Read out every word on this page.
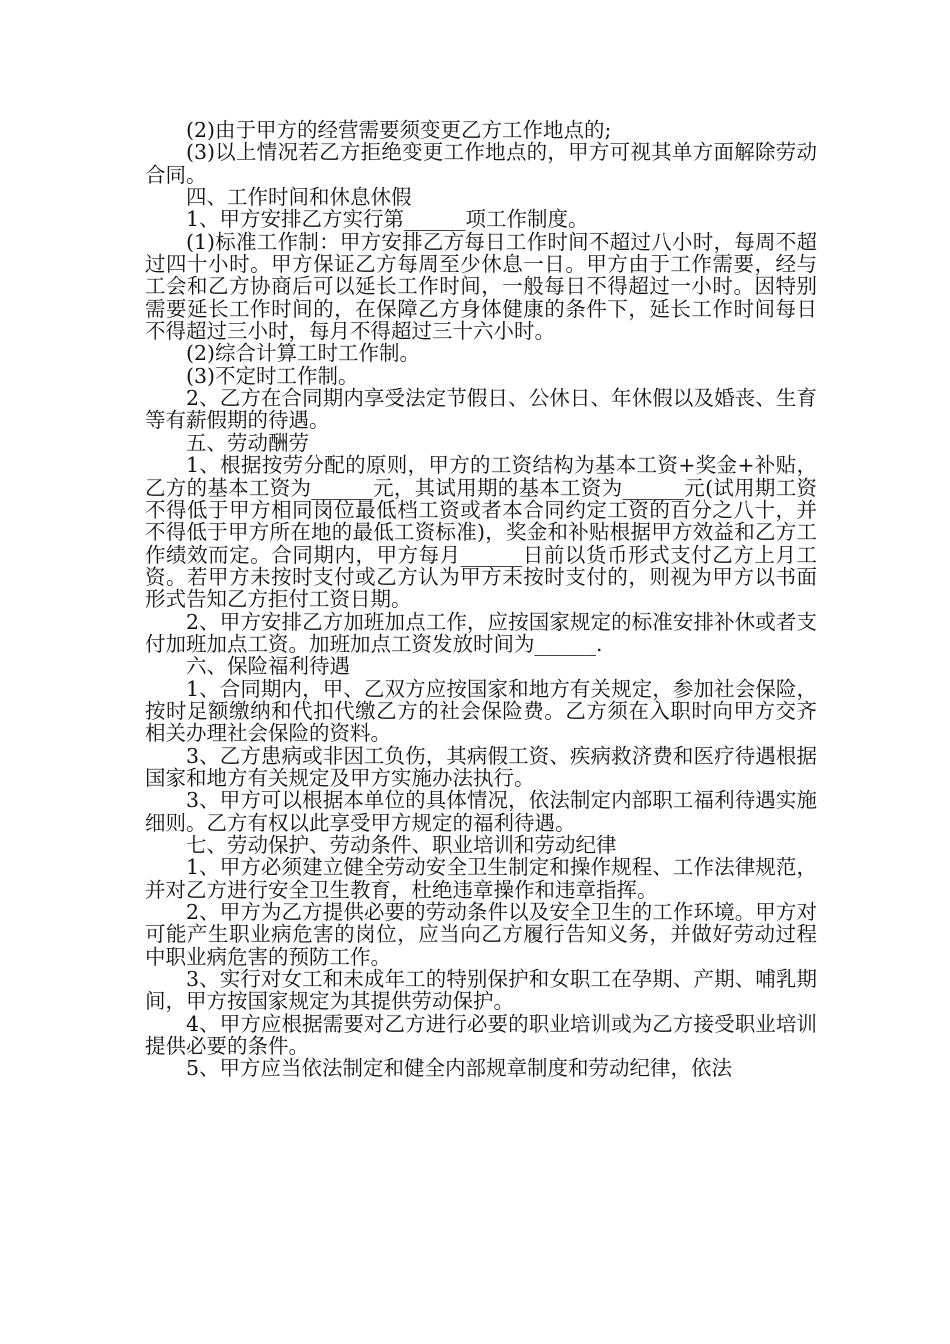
(2)由于甲方的经营需要须变更乙方工作地点的;

(3)以上情况若乙方拒绝变更工作地点的，甲方可视其单方面解除劳动合同。

四、工作时间和休息休假

1、甲方安排乙方实行第______项工作制度。

(1)标准工作制：甲方安排乙方每日工作时间不超过八小时，每周不超过四十小时。甲方保证乙方每周至少休息一日。甲方由于工作需要，经与工会和乙方协商后可以延长工作时间，一般每日不得超过一小时。因特别需要延长工作时间的，在保障乙方身体健康的条件下，延长工作时间每日不得超过三小时，每月不得超过三十六小时。

(2)综合计算工时工作制。

(3)不定时工作制。

2、乙方在合同期内享受法定节假日、公休日、年休假以及婚丧、生育等有薪假期的待遇。

五、劳动酬劳

1、根据按劳分配的原则，甲方的工资结构为基本工资+奖金+补贴，乙方的基本工资为______元，其试用期的基本工资为______元(试用期工资不得低于甲方相同岗位最低档工资或者本合同约定工资的百分之八十，并不得低于甲方所在地的最低工资标准)，奖金和补贴根据甲方效益和乙方工作绩效而定。合同期内，甲方每月______日前以货币形式支付乙方上月工资。若甲方未按时支付或乙方认为甲方未按时支付的，则视为甲方以书面形式告知乙方拒付工资日期。

2、甲方安排乙方加班加点工作，应按国家规定的标准安排补休或者支付加班加点工资。加班加点工资发放时间为______.

六、保险福利待遇

1、合同期内，甲、乙双方应按国家和地方有关规定，参加社会保险，按时足额缴纳和代扣代缴乙方的社会保险费。乙方须在入职时向甲方交齐相关办理社会保险的资料。

3、乙方患病或非因工负伤，其病假工资、疾病救济费和医疗待遇根据国家和地方有关规定及甲方实施办法执行。

3、甲方可以根据本单位的具体情况，依法制定内部职工福利待遇实施细则。乙方有权以此享受甲方规定的福利待遇。

七、劳动保护、劳动条件、职业培训和劳动纪律

1、甲方必须建立健全劳动安全卫生制定和操作规程、工作法律规范，并对乙方进行安全卫生教育，杜绝违章操作和违章指挥。

2、甲方为乙方提供必要的劳动条件以及安全卫生的工作环境。甲方对可能产生职业病危害的岗位，应当向乙方履行告知义务，并做好劳动过程中职业病危害的预防工作。

3、实行对女工和未成年工的特别保护和女职工在孕期、产期、哺乳期间，甲方按国家规定为其提供劳动保护。

4、甲方应根据需要对乙方进行必要的职业培训或为乙方接受职业培训提供必要的条件。

5、甲方应当依法制定和健全内部规章制度和劳动纪律，依法
